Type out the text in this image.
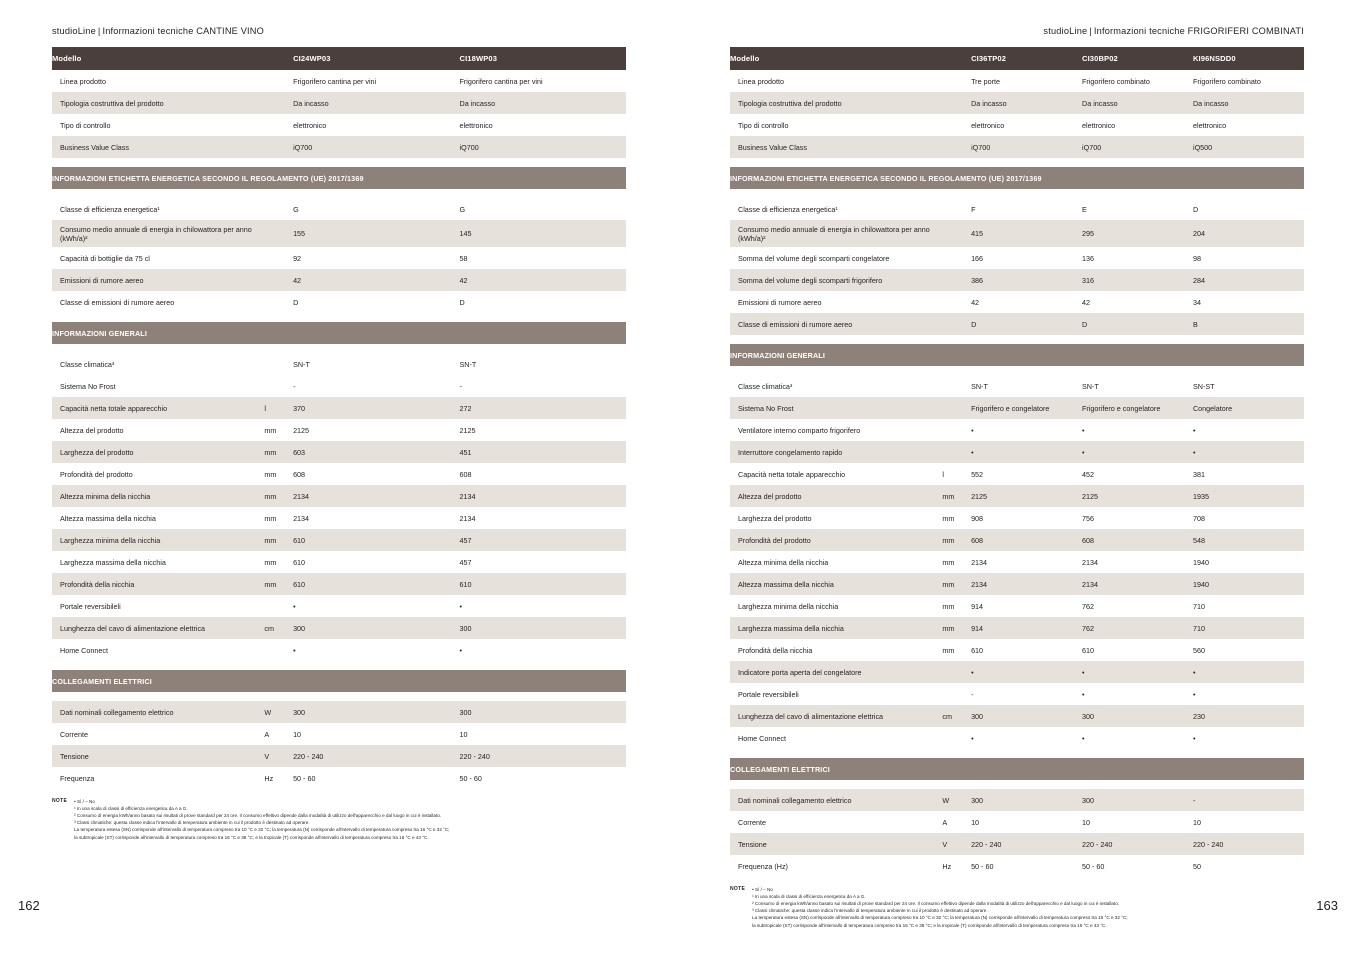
studioLine | Informazioni tecniche CANTINE VINO
Modello		CI24WP03	CI18WP03
Linea prodotto		Frigorifero cantina per vini	Frigorifero cantina per vini
Tipologia costruttiva del prodotto		Da incasso	Da incasso
Tipo di controllo		elettronico	elettronico
Business Value Class		iQ700	iQ700

INFORMAZIONI ETICHETTA ENERGETICA SECONDO IL REGOLAMENTO (UE) 2017/1369			

Classe di efficienza energetica¹		G	G
Consumo medio annuale di energia in chilowattora per anno (kWh/a)²		155	145
Capacità di bottiglie da 75 cl		92	58
Emissioni di rumore aereo		42	42
Classe di emissioni di rumore aereo		D	D

INFORMAZIONI GENERALI			

Classe climatica³		SN-T	SN-T
Sistema No Frost		-	-
Capacità netta totale apparecchio	l	370	272
Altezza del prodotto	mm	2125	2125
Larghezza del prodotto	mm	603	451
Profondità del prodotto	mm	608	608
Altezza minima della nicchia	mm	2134	2134
Altezza massima della nicchia	mm	2134	2134
Larghezza minima della nicchia	mm	610	457
Larghezza massima della nicchia	mm	610	457
Profondità della nicchia	mm	610	610
Portale reversibileli		•	•
Lunghezza del cavo di alimentazione elettrica	cm	300	300
Home Connect		•	•

COLLEGAMENTI ELETTRICI			

Dati nominali collegamento elettrico	W	300	300
Corrente	A	10	10
Tensione	V	220 - 240	220 - 240
Frequenza	Hz	50 - 60	50 - 60
NOTE • Sì / – No
¹ In una scala di classi di efficienza energetica da A a G.
² Consumo di energia kWh/anno basato sui risultati di prove standard per 24 ore. Il consumo effettivo dipende dalla modalità di utilizzo dell'apparecchio e dal luogo in cui è installato.
³ Classi climatiche: questa classe indica l'intervallo di temperatura ambiente in cui il prodotto è destinato ad operare.
La temperatura estesa (SN) corrisponde all'intervallo di temperatura compreso tra 10 °C e 32 °C; la temperatura (N) corrisponde all'intervallo di temperatura compreso tra 16 °C e 32 °C;
la subtropicale (ST) corrisponde all'intervallo di temperatura compreso tra 16 °C e 38 °C; e la tropicale (T) corrisponde all'intervallo di temperatura compreso tra 16 °C e 43 °C.
162
studioLine | Informazioni tecniche FRIGORIFERI COMBINATI
Modello		CI36TP02	CI30BP02	KI96NSDD0
Linea prodotto		Tre porte	Frigorifero combinato	Frigorifero combinato
Tipologia costruttiva del prodotto		Da incasso	Da incasso	Da incasso
Tipo di controllo		elettronico	elettronico	elettronico
Business Value Class		iQ700	iQ700	iQ500

INFORMAZIONI ETICHETTA ENERGETICA SECONDO IL REGOLAMENTO (UE) 2017/1369				

Classe di efficienza energetica¹		F	E	D
Consumo medio annuale di energia in chilowattora per anno (kWh/a)²		415	295	204
Somma del volume degli scomparti congelatore		166	136	98
Somma del volume degli scomparti frigorifero		386	316	284
Emissioni di rumore aereo		42	42	34
Classe di emissioni di rumore aereo		D	D	B

INFORMAZIONI GENERALI				

Classe climatica³		SN-T	SN-T	SN-ST
Sistema No Frost		Frigorifero e congelatore	Frigorifero e congelatore	Congelatore
Ventilatore interno comparto frigorifero		•	•	•
Interruttore congelamento rapido		•	•	•
Capacità netta totale apparecchio	l	552	452	381
Altezza del prodotto	mm	2125	2125	1935
Larghezza del prodotto	mm	908	756	708
Profondità del prodotto	mm	608	608	548
Altezza minima della nicchia	mm	2134	2134	1940
Altezza massima della nicchia	mm	2134	2134	1940
Larghezza minima della nicchia	mm	914	762	710
Larghezza massima della nicchia	mm	914	762	710
Profondità della nicchia	mm	610	610	560
Indicatore porta aperta del congelatore		•	•	•
Portale reversibileli		-	•	•
Lunghezza del cavo di alimentazione elettrica	cm	300	300	230
Home Connect		•	•	•

COLLEGAMENTI ELETTRICI				

Dati nominali collegamento elettrico	W	300	300	-
Corrente	A	10	10	10
Tensione	V	220 - 240	220 - 240	220 - 240
Frequenza (Hz)	Hz	50 - 60	50 - 60	50
NOTE • Sì / – No
¹ In una scala di classi di efficienza energetica da A a G.
² Consumo di energia kWh/anno basato sui risultati di prove standard per 24 ore. Il consumo effettivo dipende dalla modalità di utilizzo dell'apparecchio e dal luogo in cui è installato.
³ Classi climatiche: questa classe indica l'intervallo di temperatura ambiente in cui il prodotto è destinato ad operare.
La temperatura estesa (SN) corrisponde all'intervallo di temperatura compreso tra 10 °C e 32 °C; la temperatura (N) corrisponde all'intervallo di temperatura compreso tra 16 °C e 32 °C;
la subtropicale (ST) corrisponde all'intervallo di temperatura compreso tra 16 °C e 38 °C; e la tropicale (T) corrisponde all'intervallo di temperatura compreso tra 16 °C e 43 °C.
163
